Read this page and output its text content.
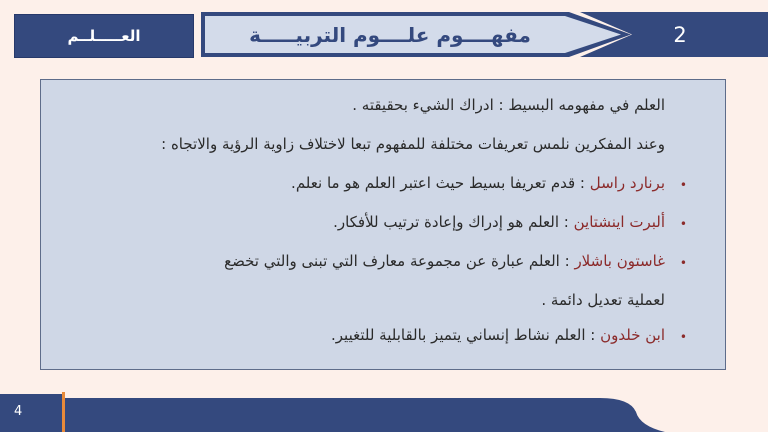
العـــــلــم	مفهــــوم علــــوم التربيـــــة	2
العلم في مفهومه البسيط : ادراك الشيء بحقيقته .
وعند المفكرين نلمس تعريفات مختلفة للمفهوم تبعا لاختلاف زاوية الرؤية والاتجاه :
•
برنارد راسل : قدم تعريفا بسيط حيث اعتبر العلم هو ما نعلم.
•
ألبرت اينشتاين : العلم هو إدراك وإعادة ترتيب للأفكار.
•
غاستون باشلار : العلم عبارة عن مجموعة معارف التي تبنى والتي تخضع
لعملية تعديل دائمة .
•
ابن خلدون : العلم نشاط إنساني يتميز بالقابلية للتغيير.
4
